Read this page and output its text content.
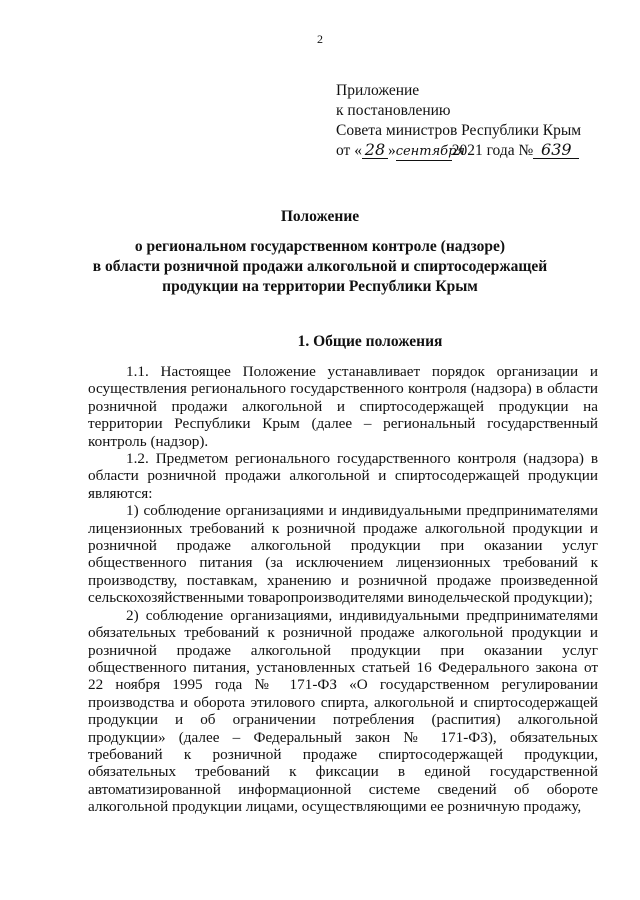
2
Приложение
к постановлению
Совета министров Республики Крым
от « 28 »сентября2021 года № 639
Положение
о региональном государственном контроле (надзоре)
в области розничной продажи алкогольной и спиртосодержащей
продукции на территории Республики Крым
1. Общие положения

1.1. Настоящее Положение устанавливает порядок организации и осуществления регионального государственного контроля (надзора) в области розничной продажи алкогольной и спиртосодержащей продукции на территории Республики Крым (далее – региональный государственный контроль (надзор).

1.2. Предметом регионального государственного контроля (надзора) в области розничной продажи алкогольной и спиртосодержащей продукции являются:

1) соблюдение организациями и индивидуальными предпринимателями лицензионных требований к розничной продаже алкогольной продукции и розничной продаже алкогольной продукции при оказании услуг общественного питания (за исключением лицензионных требований к производству, поставкам, хранению и розничной продаже произведенной сельскохозяйственными товаропроизводителями винодельческой продукции);

2) соблюдение организациями, индивидуальными предпринимателями обязательных требований к розничной продаже алкогольной продукции и розничной продаже алкогольной продукции при оказании услуг общественного питания, установленных статьей 16 Федерального закона от 22 ноября 1995 года № 171-ФЗ «О государственном регулировании производства и оборота этилового спирта, алкогольной и спиртосодержащей продукции и об ограничении потребления (распития) алкогольной продукции» (далее – Федеральный закон № 171-ФЗ), обязательных требований к розничной продаже спиртосодержащей продукции, обязательных требований к фиксации в единой государственной автоматизированной информационной системе сведений об обороте алкогольной продукции лицами, осуществляющими ее розничную продажу,
